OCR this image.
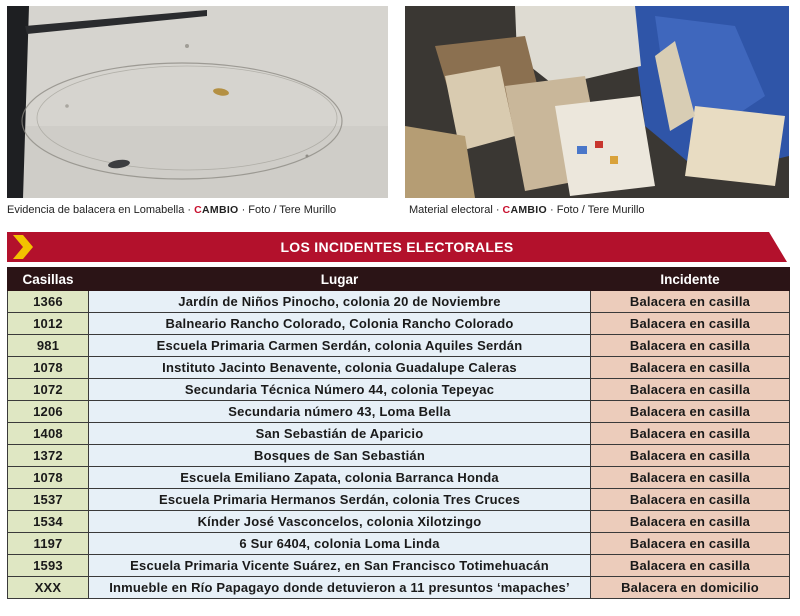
Evidencia de balacera en Lomabella · CAMBIO · Foto / Tere Murillo	Material electoral · CAMBIO · Foto / Tere Murillo
LOS INCIDENTES ELECTORALES
Casillas	Lugar	Incidente
1366	Jardín de Niños Pinocho, colonia 20 de Noviembre	Balacera en casilla
1012	Balneario Rancho Colorado, Colonia Rancho Colorado	Balacera en casilla
981	Escuela Primaria Carmen Serdán, colonia Aquiles Serdán	Balacera en casilla
1078	Instituto Jacinto Benavente, colonia Guadalupe Caleras	Balacera en casilla
1072	Secundaria Técnica Número 44, colonia Tepeyac	Balacera en casilla
1206	Secundaria número 43, Loma Bella	Balacera en casilla
1408	San Sebastián de Aparicio	Balacera en casilla
1372	Bosques de San Sebastián	Balacera en casilla
1078	Escuela Emiliano Zapata, colonia Barranca Honda	Balacera en casilla
1537	Escuela Primaria Hermanos Serdán, colonia Tres Cruces	Balacera en casilla
1534	Kínder José Vasconcelos, colonia Xilotzingo	Balacera en casilla
1197	6 Sur 6404, colonia Loma Linda	Balacera en casilla
1593	Escuela Primaria Vicente Suárez, en San Francisco Totimehuacán	Balacera en casilla
XXX	Inmueble en Río Papagayo donde detuvieron a 11 presuntos ‘mapaches’	Balacera en domicilio
